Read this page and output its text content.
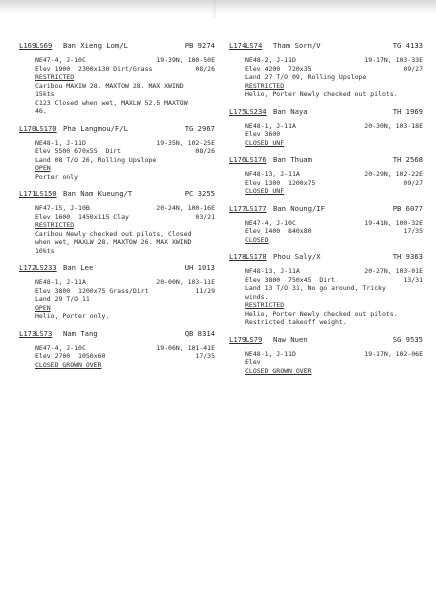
L169
LS69 Ban Xieng Lom/L	PB 9274
NE47-4, J-10C	19-39N, 100-50E
Elev 1900  2300x130 Dirt/Grass	08/26
RESTRICTED
Caribou MAXIW 28. MAXTOW 28. MAX XWIND
15kts
C123 Closed when wet, MAXLW 52.5 MAXTOW
46.
L170
LS170 Pha Langmou/F/L	TG 2967
NE48-1, J-11D	19-35N, 102-25E
Elev 5500 670x55  Dirt	08/26
Land 08 T/O 26, Rolling Upslope
OPEN
Porter only
L171
LS150 Ban Nam Kueung/T	PC 3255
NF47-15, J-10B	20-24N, 100-16E
Elev 1600  1450x115 Clay	03/21
RESTRICTED
Caribou Newly checked out pilots, Closed
when wet, MAXLW 28. MAXTOW 26. MAX XWIND
10kts
L172
LS233 Ban Lee	UH 1013
NE48-1, J-11A	20-00N, 103-11E
Elev 3800  1200x75 Grass/Dirt	11/29
Land 29 T/O 11
OPEN
Helio, Porter only.
L173
LS73 Nam Tang	QB 8314
NE47-4, J-10C	19-06N, 101-41E
Elev 2700  1050x60	17/35
CLOSED GROWN OVER
L174
LS74 Tham Sorn/V	TG 4133
NE48-2, J-11D	19-17N, 103-33E
Elev 4200  720x35	09/27
Land 27 T/O 09, Rolling Upslope
RESTRICTED
Helio, Porter Newly checked out pilots.
L175
LS234 Ban Naya	TH 1969
NE48-1, J-11A	20-30N, 103-18E
Elev 3600
CLOSED UNF
L176
LS176 Ban Thuam	TH 2568
NF48-13, J-11A	20-29N, 102-22E
Elev 1300  1200x75	09/27
CLOSED UNF
L177
LS177 Ban Noung/IF	PB 6077
NE47-4, J-10C	19-41N, 100-32E
Elev 1400  840x80	17/35
CLOSED
L178
LS178 Phou Saly/X	TH 9363
NF48-13, J-11A	20-27N, 103-01E
Elev 3800  750x45  Dirt	13/31
Land 13 T/O 31, No go around, Tricky
winds.
RESTRICTED
Helio, Porter Newly checked out pilots.
Restricted takeoff weight.
L179
LS79 Naw Nuen	SG 9535
NE48-1, J-11D	19-17N, 102-06E
Elev
CLOSED GROWN OVER
